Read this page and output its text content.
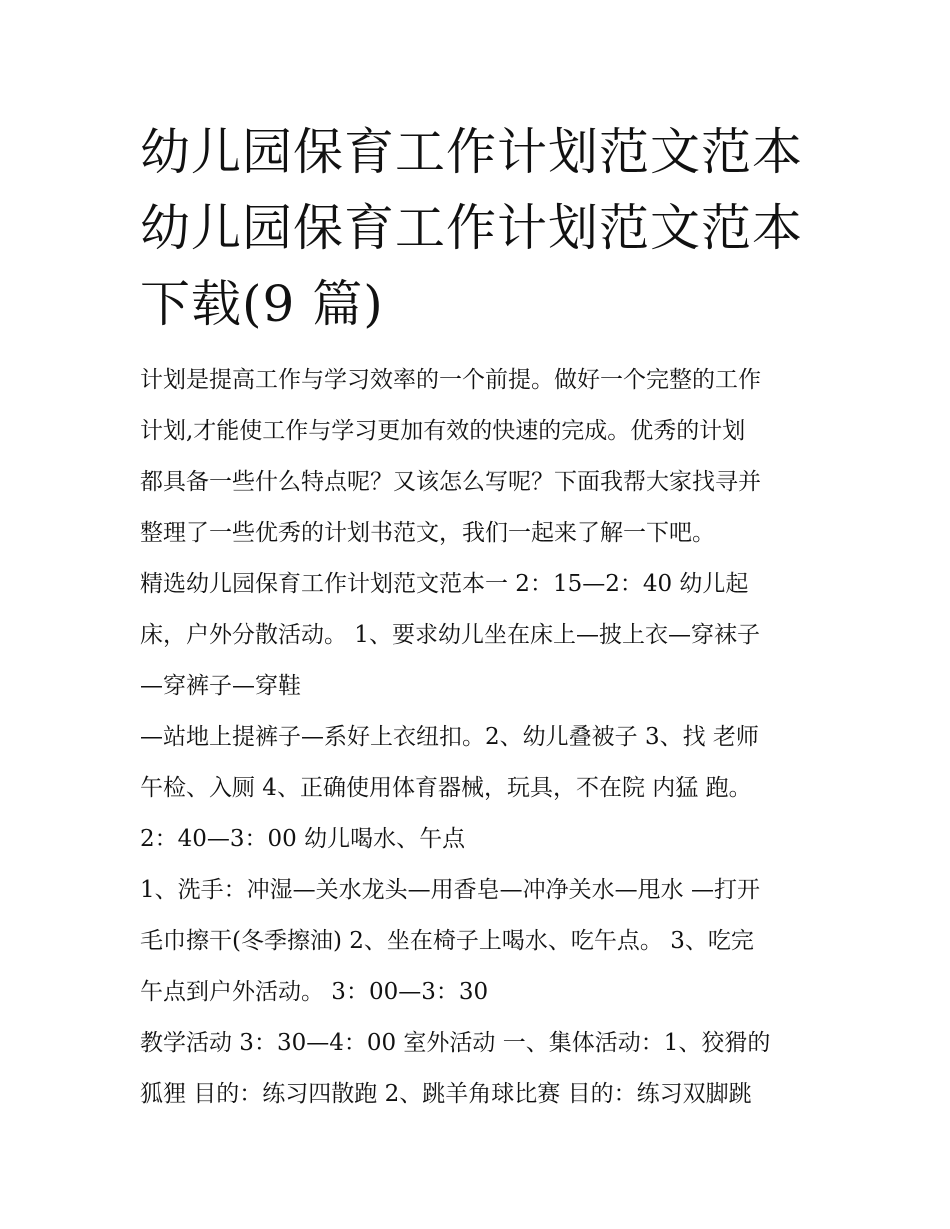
幼儿园保育工作计划范文范本
幼儿园保育工作计划范文范本
下载(9 篇)
计划是提高工作与学习效率的一个前提。做好一个完整的工作
计划,才能使工作与学习更加有效的快速的完成。优秀的计划
都具备一些什么特点呢？又该怎么写呢？下面我帮大家找寻并
整理了一些优秀的计划书范文，我们一起来了解一下吧。
精选幼儿园保育工作计划范文范本一 2：15—2：40 幼儿起
床，户外分散活动。 1、要求幼儿坐在床上—披上衣—穿袜子
—穿裤子—穿鞋
—站地上提裤子—系好上衣纽扣。2、幼儿叠被子 3、找 老师
午检、入厕 4、正确使用体育器械，玩具，不在院 内猛 跑。
2：40—3：00 幼儿喝水、午点
1、洗手：冲湿—关水龙头—用香皂—冲净关水—甩水 —打开
毛巾擦干(冬季擦油) 2、坐在椅子上喝水、吃午点。 3、吃完
午点到户外活动。 3：00—3：30
教学活动 3：30—4：00 室外活动 一、集体活动：1、狡猾的
狐狸 目的：练习四散跑 2、跳羊角球比赛 目的：练习双脚跳
